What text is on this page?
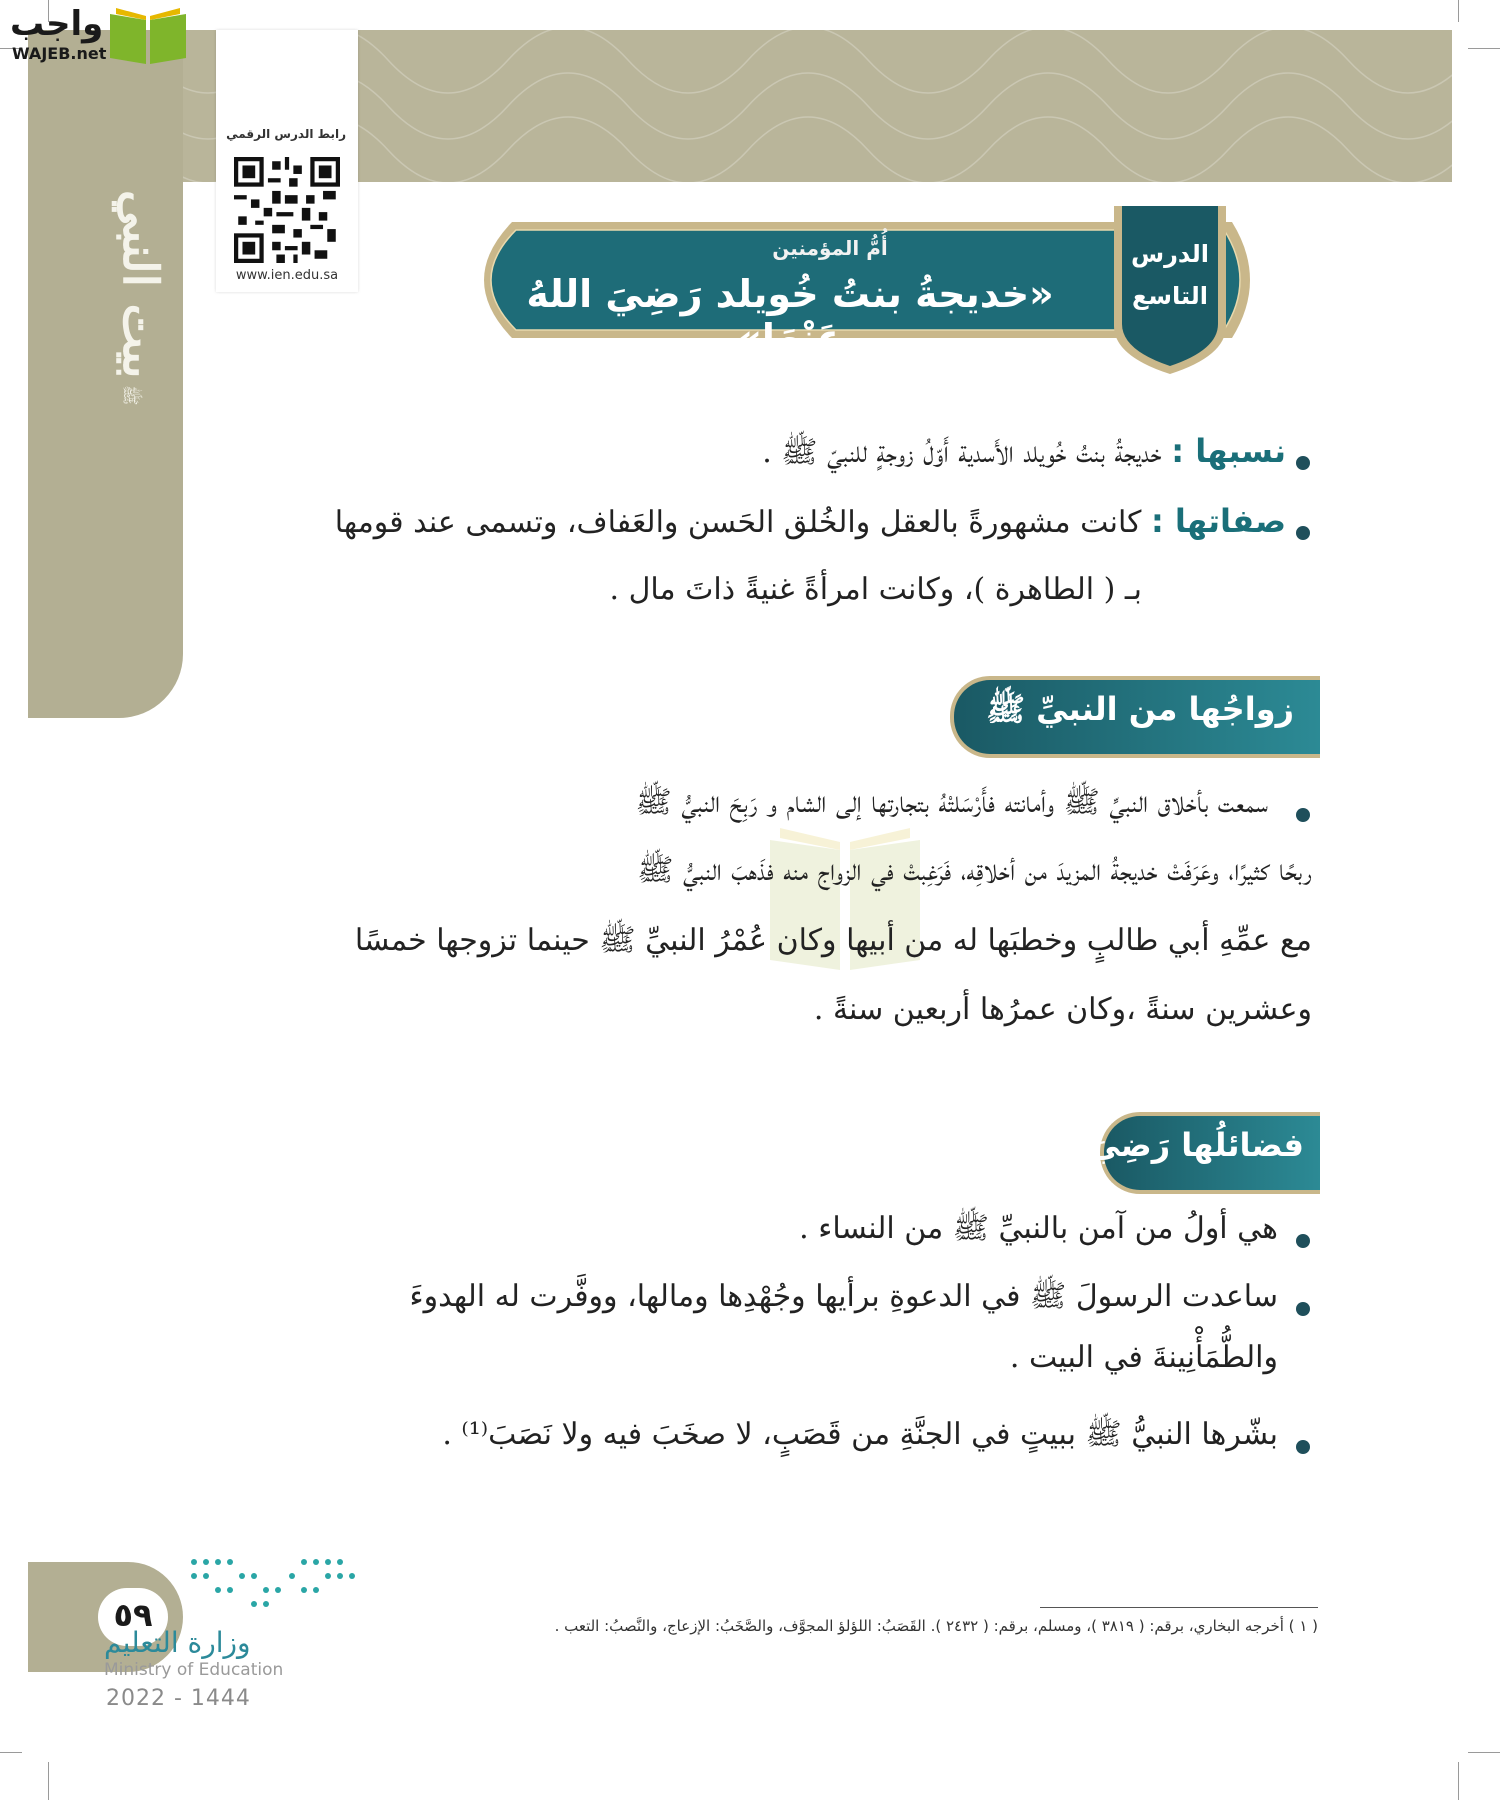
بيت النبي
ﷺ
واجب
WAJEB.net
رابط الدرس الرقمي
www.ien.edu.sa
الدرس
التاسع
أُمُّ المؤمنين
«خديجةُ بنتُ خُويلد رَضِيَ اللهُ عَنْهَا»
نسبها : خديجةُ بنتُ خُويلد الأَسدية أَوّلُ زوجةٍ للنبيّ ﷺ .
صفاتها : كانت مشهورةً بالعقل والخُلق الحَسن والعَفاف، وتسمى عند قومها
بـ ( الطاهرة )، وكانت امرأةً غنيةً ذاتَ مال .
زواجُها من النبيِّ ﷺ
سمعت بأخلاق النبيِّ ﷺ وأمانته فأَرْسَلتْهُ بتجارتها إلى الشام و رَبِحَ النبيُّ ﷺ
ربحًا كثيرًا، وعَرَفَتْ خديجةُ المزيدَ من أخلاقِه، فَرَغِبتْ في الزواج منه فذَهبَ النبيُّ ﷺ
مع عمِّهِ أبي طالبٍ وخطبَها له من أبيها وكان عُمْرُ النبيِّ ﷺ حينما تزوجها خمسًا
وعشرين سنةً ،وكان عمرُها أربعين سنةً .
فضائلُها رَضِيَ اللهُ عَنْهَا
هي أولُ من آمن بالنبيِّ ﷺ من النساء .
ساعدت الرسولَ ﷺ في الدعوةِ برأيها وجُهْدِها ومالها، ووفَّرت له الهدوءَ
والطُّمَأْنِينةَ في البيت .
بشّرها النبيُّ ﷺ ببيتٍ في الجنَّةِ من قَصَبٍ، لا صخَبَ فيه ولا نَصَبَ⁽¹⁾ .
( ١ ) أخرجه البخاري، برقم: ( ٣٨١٩ )، ومسلم، برقم: ( ٢٤٣٢ ). القَصَبُ: اللؤلؤ المجوَّف، والصَّخَبُ: الإزعاج، والنَّصبُ: التعب .
٥٩
وزارة التعليم
Ministry of Education
2022 - 1444
